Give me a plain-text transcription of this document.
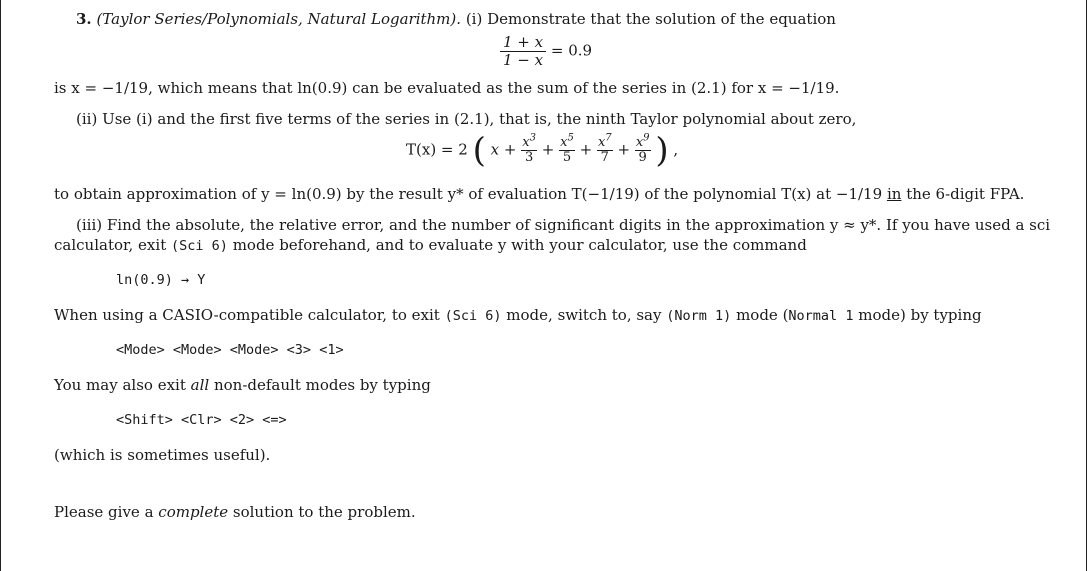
3. (Taylor Series/Polynomials, Natural Logarithm). (i) Demonstrate that the solution of the equation
$\frac{1 + x}{1 - x} = 0.9$
is x = −1/19, which means that ln(0.9) can be evaluated as the sum of the series in (2.1) for x = −1/19.
(ii) Use (i) and the first five terms of the series in (2.1), that is, the ninth Taylor polynomial about zero,
T(x) = 2 ( $x + \frac{x^3}{3} + \frac{x^5}{5} + \frac{x^7}{7} + \frac{x^9}{9}$ ) ,
to obtain approximation of y = ln(0.9) by the result y* of evaluation T(−1/19) of the polynomial T(x) at −1/19 in the 6-digit FPA.
(iii) Find the absolute, the relative error, and the number of significant digits in the approximation y ≈ y*. If you have used a sci
calculator, exit (Sci 6) mode beforehand, and to evaluate y with your calculator, use the command
ln(0.9) → Y
When using a CASIO-compatible calculator, to exit (Sci 6) mode, switch to, say (Norm 1) mode (Normal 1 mode) by typing
<Mode> <Mode> <Mode> <3> <1>
You may also exit all non-default modes by typing
<Shift> <Clr> <2> <=>
(which is sometimes useful).
Please give a complete solution to the problem.
